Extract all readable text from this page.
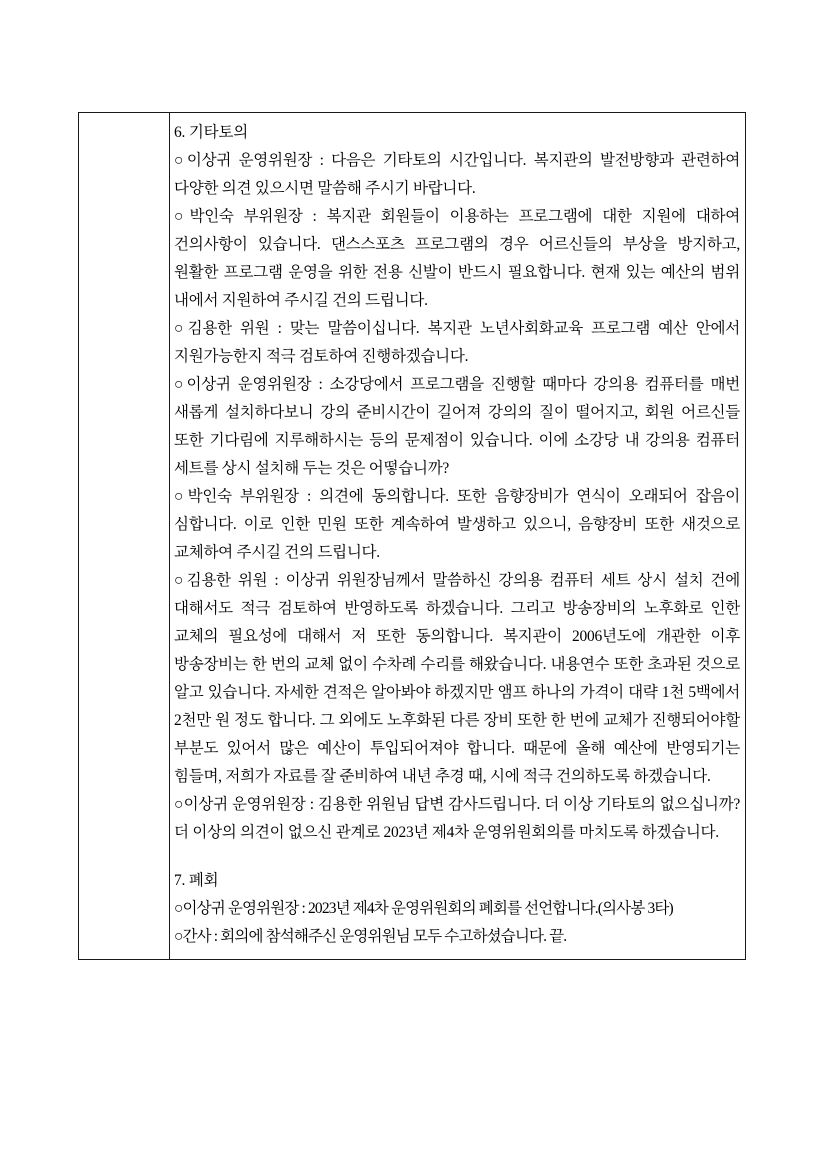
6. 기타토의
○이상귀 운영위원장 : 다음은 기타토의 시간입니다. 복지관의 발전방향과 관련하여 다양한 의견 있으시면 말씀해 주시기 바랍니다.
○박인숙 부위원장 : 복지관 회원들이 이용하는 프로그램에 대한 지원에 대하여 건의사항이 있습니다. 댄스스포츠 프로그램의 경우 어르신들의 부상을 방지하고, 원활한 프로그램 운영을 위한 전용 신발이 반드시 필요합니다. 현재 있는 예산의 범위 내에서 지원하여 주시길 건의 드립니다.
○김용한 위원 : 맞는 말씀이십니다. 복지관 노년사회화교육 프로그램 예산 안에서 지원가능한지 적극 검토하여 진행하겠습니다.
○이상귀 운영위원장 : 소강당에서 프로그램을 진행할 때마다 강의용 컴퓨터를 매번 새롭게 설치하다보니 강의 준비시간이 길어져 강의의 질이 떨어지고, 회원 어르신들 또한 기다림에 지루해하시는 등의 문제점이 있습니다. 이에 소강당 내 강의용 컴퓨터 세트를 상시 설치해 두는 것은 어떻습니까?
○박인숙 부위원장 : 의견에 동의합니다. 또한 음향장비가 연식이 오래되어 잡음이 심합니다. 이로 인한 민원 또한 계속하여 발생하고 있으니, 음향장비 또한 새것으로 교체하여 주시길 건의 드립니다.
○김용한 위원 : 이상귀 위원장님께서 말씀하신 강의용 컴퓨터 세트 상시 설치 건에 대해서도 적극 검토하여 반영하도록 하겠습니다. 그리고 방송장비의 노후화로 인한 교체의 필요성에 대해서 저 또한 동의합니다. 복지관이 2006년도에 개관한 이후 방송장비는 한 번의 교체 없이 수차례 수리를 해왔습니다. 내용연수 또한 초과된 것으로 알고 있습니다. 자세한 견적은 알아봐야 하겠지만 앰프 하나의 가격이 대략 1천 5백에서 2천만 원 정도 합니다. 그 외에도 노후화된 다른 장비 또한 한 번에 교체가 진행되어야할 부분도 있어서 많은 예산이 투입되어져야 합니다. 때문에 올해 예산에 반영되기는 힘들며, 저희가 자료를 잘 준비하여 내년 추경 때, 시에 적극 건의하도록 하겠습니다.
○이상귀 운영위원장 : 김용한 위원님 답변 감사드립니다. 더 이상 기타토의 없으십니까? 더 이상의 의견이 없으신 관계로 2023년 제4차 운영위원회의를 마치도록 하겠습니다.
7. 폐회
○이상귀 운영위원장 : 2023년 제4차 운영위원회의 폐회를 선언합니다.(의사봉 3타)
○간사 : 회의에 참석해주신 운영위원님 모두 수고하셨습니다. 끝.
